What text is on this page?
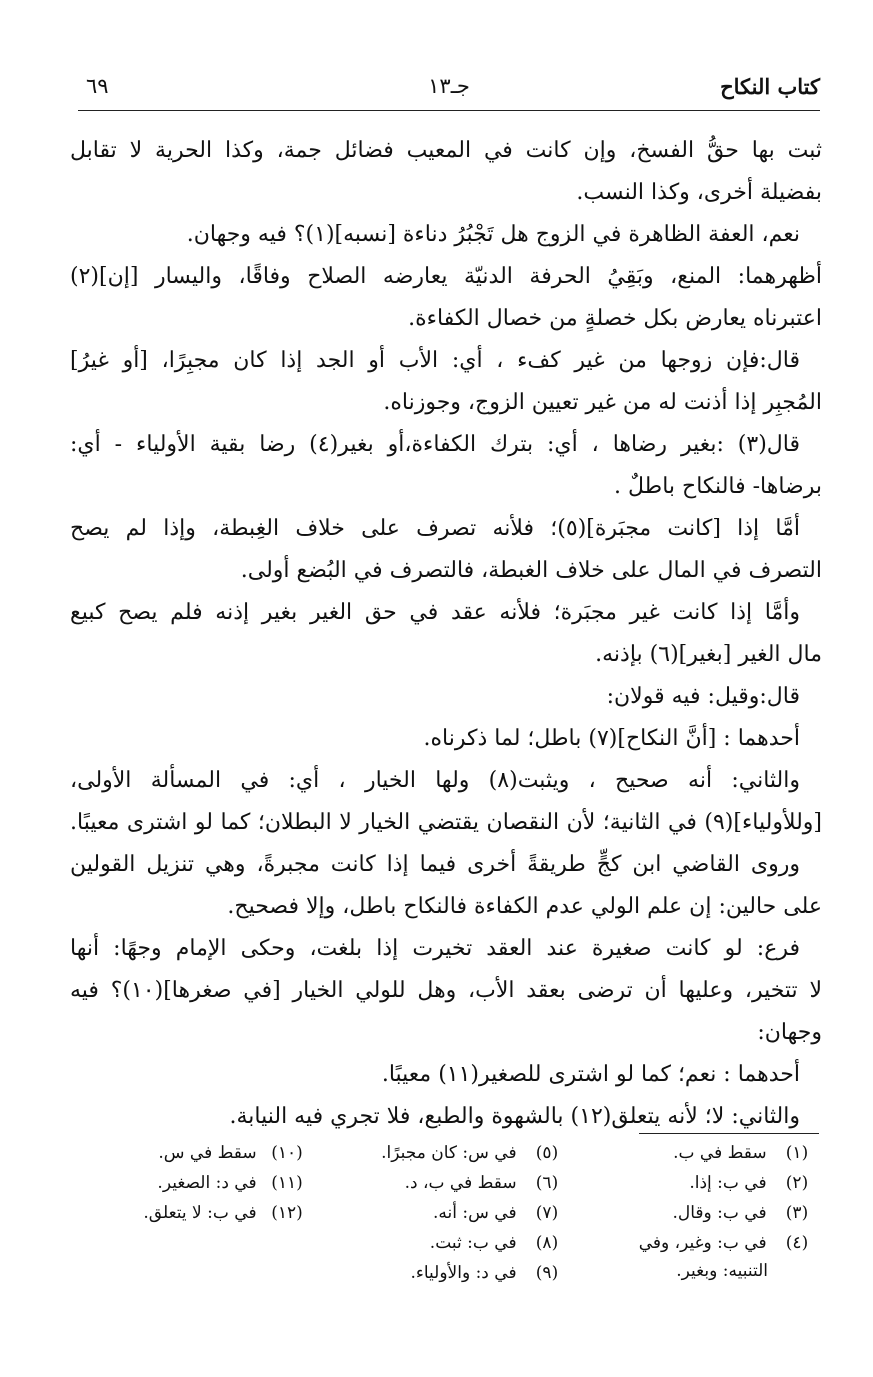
كتاب النكاح
جـ١٣
٦٩
ثبت بها حقُّ الفسخ، وإن كانت في المعيب فضائل جمة، وكذا الحرية لا تقابل
بفضيلة أخرى، وكذا النسب.
نعم، العفة الظاهرة في الزوج هل تَجْبُرُ دناءة [نسبه](١)؟ فيه وجهان.
أظهرهما: المنع، وبَقِيُ الحرفة الدنيّة يعارضه الصلاح وفاقًا، واليسار [إن](٢)
اعتبرناه يعارض بكل خصلةٍ من خصال الكفاءة.
قال:فإن زوجها من غير كفء ، أي: الأب أو الجد إذا كان مجبِرًا، [أو غيرُ]
المُجبِر إذا أذنت له من غير تعيين الزوج، وجوزناه.
قال(٣) :بغير رضاها ، أي: بترك الكفاءة،أو بغير(٤) رضا بقية الأولياء - أي:
برضاها- فالنكاح باطلٌ .
أمَّا إذا [كانت مجبَرة](٥)؛ فلأنه تصرف على خلاف الغِبطة، وإذا لم يصح
التصرف في المال على خلاف الغبطة، فالتصرف في البُضع أولى.
وأمَّا إذا كانت غير مجبَرة؛ فلأنه عقد في حق الغير بغير إذنه فلم يصح كبيع
مال الغير [بغير](٦) بإذنه.
قال:وقيل: فيه قولان:
أحدهما : [أنَّ النكاح](٧) باطل؛ لما ذكرناه.
والثاني: أنه صحيح ، ويثبت(٨) ولها الخيار ، أي: في المسألة الأولى،
[وللأولياء](٩) في الثانية؛ لأن النقصان يقتضي الخيار لا البطلان؛ كما لو اشترى معيبًا.
وروى القاضي ابن كجٍّ طريقةً أخرى فيما إذا كانت مجبرةً، وهي تنزيل القولين
على حالين: إن علم الولي عدم الكفاءة فالنكاح باطل، وإلا فصحيح.
فرع: لو كانت صغيرة عند العقد تخيرت إذا بلغت، وحكى الإمام وجهًا: أنها
لا تتخير، وعليها أن ترضى بعقد الأب، وهل للولي الخيار [في صغرها](١٠)؟ فيه
وجهان:
أحدهما : نعم؛ كما لو اشترى للصغير(١١) معيبًا.
والثاني: لا؛ لأنه يتعلق(١٢) بالشهوة والطبع، فلا تجري فيه النيابة.
(١) سقط في ب.
(٢) في ب: إذا.
(٣) في ب: وقال.
(٤) في ب: وغير، وفي
التنبيه: وبغير.
(٥) في س: كان مجبرًا.
(٦) سقط في ب، د.
(٧) في س: أنه.
(٨) في ب: ثبت.
(٩) في د: والأولياء.
(١٠) سقط في س.
(١١) في د: الصغير.
(١٢) في ب: لا يتعلق.
